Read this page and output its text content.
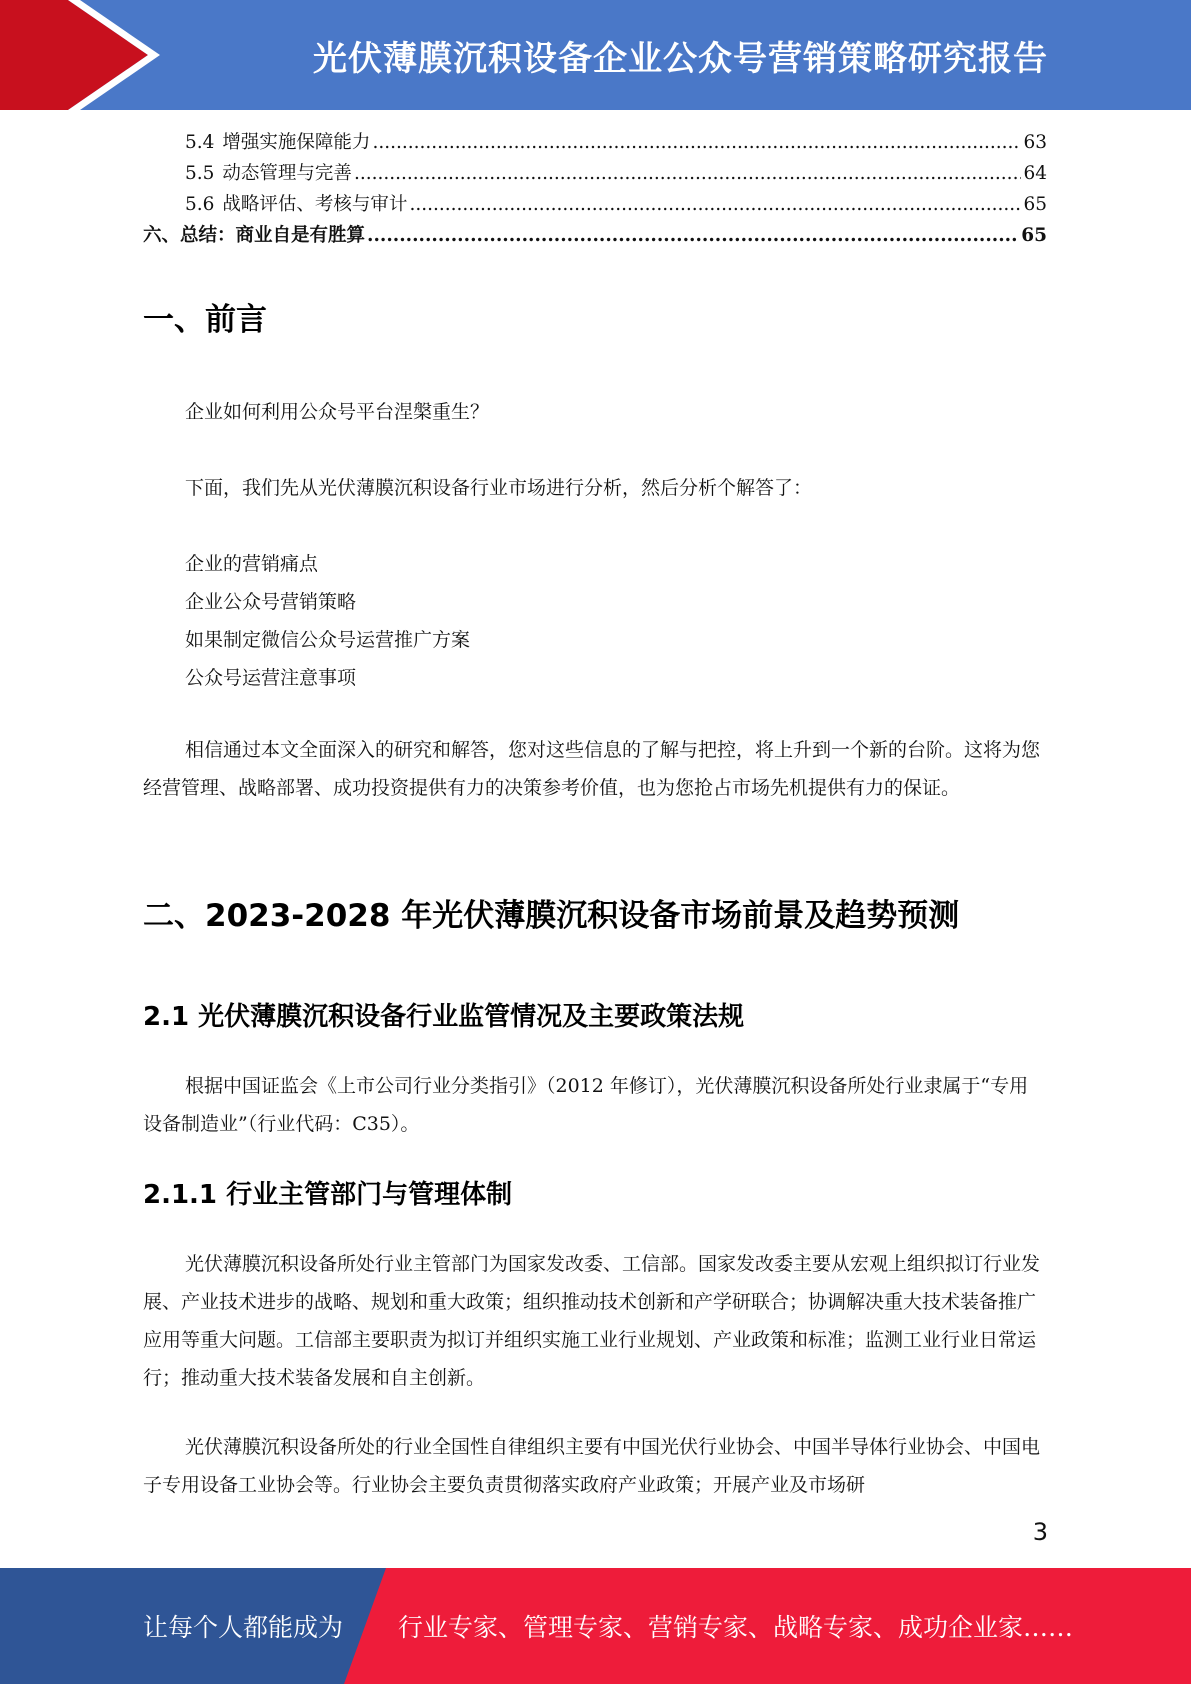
光伏薄膜沉积设备企业公众号营销策略研究报告
5.4 增强实施保障能力 .....	63
5.5 动态管理与完善 .....	64
5.6 战略评估、考核与审计 .....	65
六、总结：商业自是有胜算 .....	65
一、前言

企业如何利用公众号平台涅槃重生？

下面，我们先从光伏薄膜沉积设备行业市场进行分析，然后分析个解答了：

企业的营销痛点

企业公众号营销策略

如果制定微信公众号运营推广方案

公众号运营注意事项

相信通过本文全面深入的研究和解答，您对这些信息的了解与把控，将上升到一个新的台阶。这将为您经营管理、战略部署、成功投资提供有力的决策参考价值，也为您抢占市场先机提供有力的保证。

二、2023-2028 年光伏薄膜沉积设备市场前景及趋势预测
2.1 光伏薄膜沉积设备行业监管情况及主要政策法规

根据中国证监会《上市公司行业分类指引》（2012 年修订），光伏薄膜沉积设备所处行业隶属于“专用设备制造业”（行业代码：C35）。

2.1.1 行业主管部门与管理体制

光伏薄膜沉积设备所处行业主管部门为国家发改委、工信部。国家发改委主要从宏观上组织拟订行业发展、产业技术进步的战略、规划和重大政策；组织推动技术创新和产学研联合；协调解决重大技术装备推广应用等重大问题。工信部主要职责为拟订并组织实施工业行业规划、产业政策和标准；监测工业行业日常运行；推动重大技术装备发展和自主创新。

光伏薄膜沉积设备所处的行业全国性自律组织主要有中国光伏行业协会、中国半导体行业协会、中国电子专用设备工业协会等。行业协会主要负责贯彻落实政府产业政策；开展产业及市场研

3
让每个人都能成为 行业专家、管理专家、营销专家、战略专家、成功企业家……
